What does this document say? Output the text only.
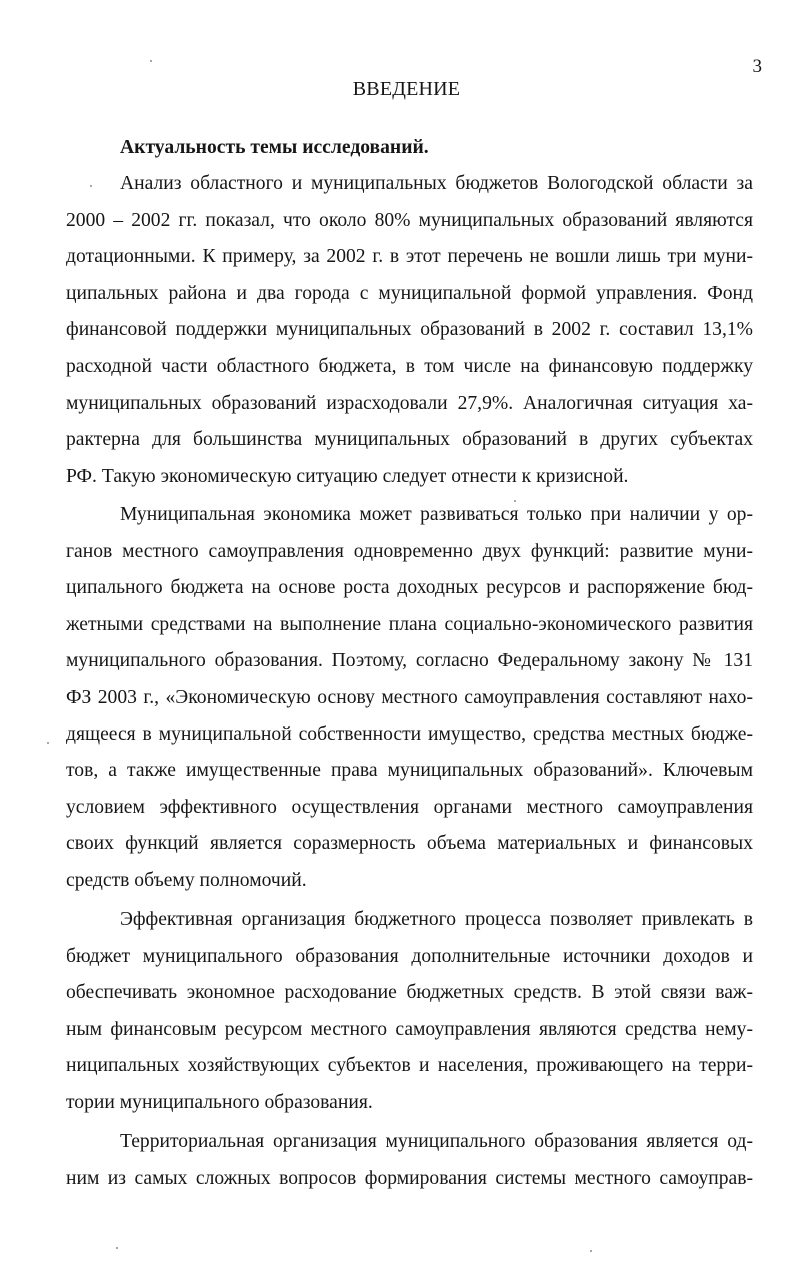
3
ВВЕДЕНИЕ
Актуальность темы исследований.
Анализ областного и муниципальных бюджетов Вологодской области за
2000 – 2002 гг. показал, что около 80% муниципальных образований являются
дотационными. К примеру, за 2002 г. в этот перечень не вошли лишь три муни-
ципальных района и два города с муниципальной формой управления. Фонд
финансовой поддержки муниципальных образований в 2002 г. составил 13,1%
расходной части областного бюджета, в том числе на финансовую поддержку
муниципальных образований израсходовали 27,9%. Аналогичная ситуация ха-
рактерна для большинства муниципальных образований в других субъектах
РФ. Такую экономическую ситуацию следует отнести к кризисной.
Муниципальная экономика может развиваться только при наличии у ор-
ганов местного самоуправления одновременно двух функций: развитие муни-
ципального бюджета на основе роста доходных ресурсов и распоряжение бюд-
жетными средствами на выполнение плана социально-экономического развития
муниципального образования. Поэтому, согласно Федеральному закону № 131
ФЗ 2003 г., «Экономическую основу местного самоуправления составляют нахо-
дящееся в муниципальной собственности имущество, средства местных бюдже-
тов, а также имущественные права муниципальных образований». Ключевым
условием эффективного осуществления органами местного самоуправления
своих функций является соразмерность объема материальных и финансовых
средств объему полномочий.
Эффективная организация бюджетного процесса позволяет привлекать в
бюджет муниципального образования дополнительные источники доходов и
обеспечивать экономное расходование бюджетных средств. В этой связи важ-
ным финансовым ресурсом местного самоуправления являются средства нему-
ниципальных хозяйствующих субъектов и населения, проживающего на терри-
тории муниципального образования.
Территориальная организация муниципального образования является од-
ним из самых сложных вопросов формирования системы местного самоуправ-
